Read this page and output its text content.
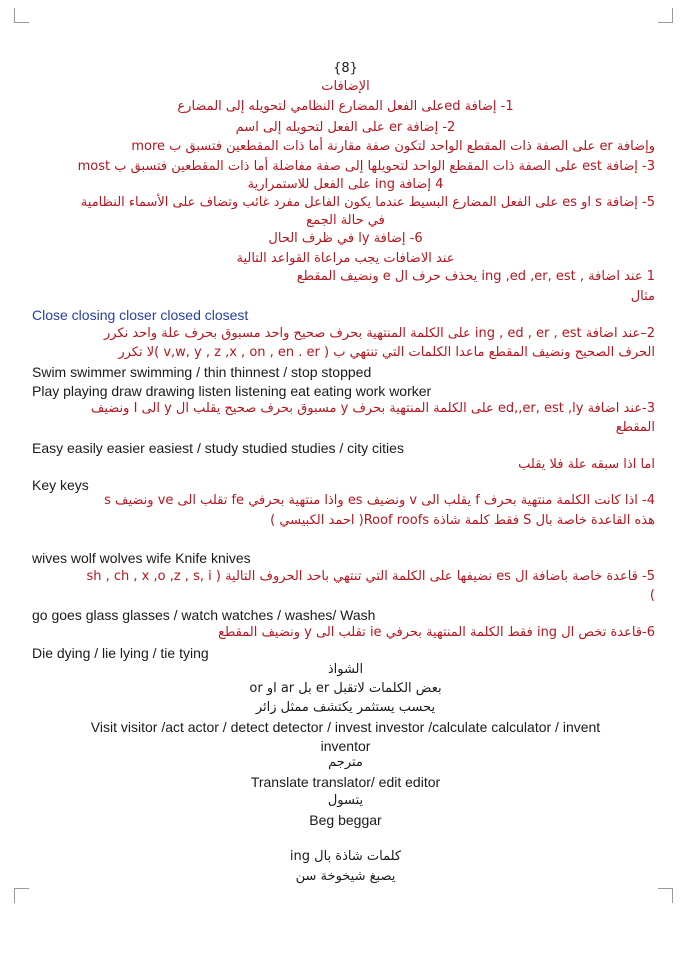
{8}
الإضافات
1- إضافة edعلى الفعل المضارع النظامي لتحويله إلى المضارع
2- إضافة er على الفعل لتحويله إلى اسم
وإضافة er على الصفة ذات المقطع الواحد لتكون صفة مقارنة أما ذات المقطعين فتسبق ب more
3- إضافة est على الصفة ذات المقطع الواحد لتحويلها إلى صفة مفاضلة أما ذات المقطعين فتسبق ب most
4 إضافة ing على الفعل للاستمرارية
5- إضافة s او es على الفعل المضارع البسيط عندما يكون الفاعل مفرد غائب وتضاف على الأسماء النظامية
في حالة الجمع
6- إضافة ly في ظرف الحال
عند الاضافات يجب مراعاة القواعد التالية
1 عند اضافة , ing ,ed ,er, est يحذف حرف ال e ونضيف المقطع
مثال
Close closing closer closed closest
2–عند اضافة ing , ed , er , est على الكلمة المنتهية بحرف صحيح واحد مسبوق بحرف علة واحد نكرر
الحرف الصحيح ونضيف المقطع ماعدا الكلمات التي تنتهي ب ( v,w, y , z ,x , on , en . er )لا تكرر
Swim swimmer swimming / thin thinnest / stop stopped
Play playing draw drawing listen listening eat eating work worker
3-عند اضافة ed,,er, est ,ly على الكلمة المنتهية بحرف y مسبوق بحرف صحيح يقلب ال y الى I ونضيف
المقطع
Easy easily easier easiest / study studied studies / city cities
اما اذا سبقه علة فلا يقلب
Key keys
4- اذا كانت الكلمة منتهية بحرف f يقلب الى v ونضيف es واذا منتهية بحرفي fe تقلب الى ve ونضيف s
هذه القاعدة خاصة بال S فقط كلمة شاذة Roof roofs( احمد الكبيسي )
wives wolf wolves wife Knife knives
5- قاعدة خاصة باضافة ال es نضيفها على الكلمة التي تنتهي باحد الحروف التالية ( sh , ch , x ,o ,z , s, i
(
go goes glass glasses / watch watches / washes/ Wash
6-قاعدة تخص ال ing فقط الكلمة المنتهية بحرفي ie تقلب الى y ونضيف المقطع
Die dying / lie lying / tie tying
الشواذ
بعض الكلمات لاتقبل er بل ar او or
يحسب يستثمر يكتشف ممثل زائر
Visit visitor /act actor / detect detector / invest investor /calculate calculator / invent
inventor
مترجم
Translate translator/ edit editor
يتسول
Beg beggar
كلمات شاذة بال ing
يصبغ شيخوخة سن
